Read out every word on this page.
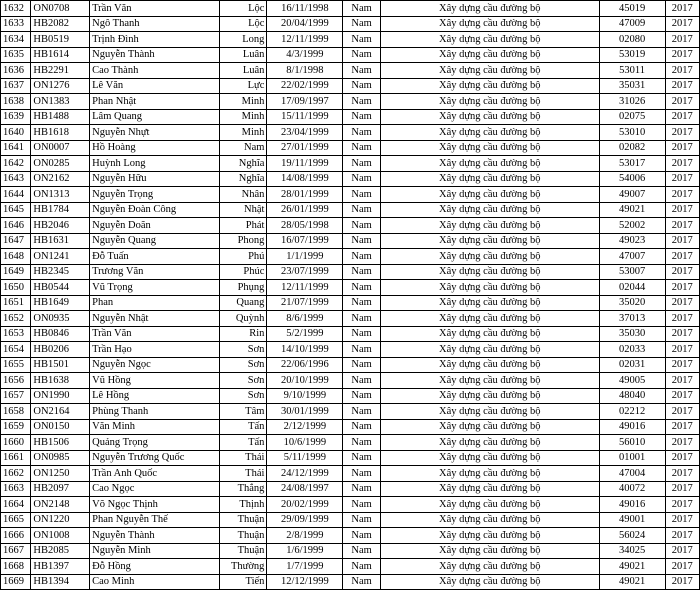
1632	ON0708	Trần Văn	Lộc	16/11/1998	Nam	Xây dựng cầu đường bộ	45019	2017
1633	HB2082	Ngô Thanh	Lộc	20/04/1999	Nam	Xây dựng cầu đường bộ	47009	2017
1634	HB0519	Trịnh Đình	Long	12/11/1999	Nam	Xây dựng cầu đường bộ	02080	2017
1635	HB1614	Nguyễn Thành	Luân	4/3/1999	Nam	Xây dựng cầu đường bộ	53019	2017
1636	HB2291	Cao Thành	Luân	8/1/1998	Nam	Xây dựng cầu đường bộ	53011	2017
1637	ON1276	Lê Văn	Lực	22/02/1999	Nam	Xây dựng cầu đường bộ	35031	2017
1638	ON1383	Phan Nhật	Minh	17/09/1997	Nam	Xây dựng cầu đường bộ	31026	2017
1639	HB1488	Lâm Quang	Minh	15/11/1999	Nam	Xây dựng cầu đường bộ	02075	2017
1640	HB1618	Nguyễn Nhựt	Minh	23/04/1999	Nam	Xây dựng cầu đường bộ	53010	2017
1641	ON0007	Hồ Hoàng	Nam	27/01/1999	Nam	Xây dựng cầu đường bộ	02082	2017
1642	ON0285	Huỳnh Long	Nghĩa	19/11/1999	Nam	Xây dựng cầu đường bộ	53017	2017
1643	ON2162	Nguyễn Hữu	Nghĩa	14/08/1999	Nam	Xây dựng cầu đường bộ	54006	2017
1644	ON1313	Nguyễn Trọng	Nhân	28/01/1999	Nam	Xây dựng cầu đường bộ	49007	2017
1645	HB1784	Nguyễn Đoàn Công	Nhật	26/01/1999	Nam	Xây dựng cầu đường bộ	49021	2017
1646	HB2046	Nguyễn Doãn	Phát	28/05/1998	Nam	Xây dựng cầu đường bộ	52002	2017
1647	HB1631	Nguyễn Quang	Phong	16/07/1999	Nam	Xây dựng cầu đường bộ	49023	2017
1648	ON1241	Đỗ Tuấn	Phú	1/1/1999	Nam	Xây dựng cầu đường bộ	47007	2017
1649	HB2345	Trương Văn	Phúc	23/07/1999	Nam	Xây dựng cầu đường bộ	53007	2017
1650	HB0544	Vũ Trọng	Phụng	12/11/1999	Nam	Xây dựng cầu đường bộ	02044	2017
1651	HB1649	Phan	Quang	21/07/1999	Nam	Xây dựng cầu đường bộ	35020	2017
1652	ON0935	Nguyễn Nhật	Quỳnh	8/6/1999	Nam	Xây dựng cầu đường bộ	37013	2017
1653	HB0846	Trần Văn	Rin	5/2/1999	Nam	Xây dựng cầu đường bộ	35030	2017
1654	HB0206	Trần Hạo	Sơn	14/10/1999	Nam	Xây dựng cầu đường bộ	02033	2017
1655	HB1501	Nguyễn Ngọc	Sơn	22/06/1996	Nam	Xây dựng cầu đường bộ	02031	2017
1656	HB1638	Vũ Hồng	Sơn	20/10/1999	Nam	Xây dựng cầu đường bộ	49005	2017
1657	ON1990	Lê Hồng	Sơn	9/10/1999	Nam	Xây dựng cầu đường bộ	48040	2017
1658	ON2164	Phùng Thanh	Tâm	30/01/1999	Nam	Xây dựng cầu đường bộ	02212	2017
1659	ON0150	Văn Minh	Tấn	2/12/1999	Nam	Xây dựng cầu đường bộ	49016	2017
1660	HB1506	Quảng Trọng	Tấn	10/6/1999	Nam	Xây dựng cầu đường bộ	56010	2017
1661	ON0985	Nguyễn Trương Quốc	Thái	5/11/1999	Nam	Xây dựng cầu đường bộ	01001	2017
1662	ON1250	Trần Anh Quốc	Thái	24/12/1999	Nam	Xây dựng cầu đường bộ	47004	2017
1663	HB2097	Cao Ngọc	Thắng	24/08/1997	Nam	Xây dựng cầu đường bộ	40072	2017
1664	ON2148	Võ Ngọc Thịnh	Thịnh	20/02/1999	Nam	Xây dựng cầu đường bộ	49016	2017
1665	ON1220	Phan Nguyễn Thế	Thuận	29/09/1999	Nam	Xây dựng cầu đường bộ	49001	2017
1666	ON1008	Nguyễn Thành	Thuận	2/8/1999	Nam	Xây dựng cầu đường bộ	56024	2017
1667	HB2085	Nguyễn Minh	Thuận	1/6/1999	Nam	Xây dựng cầu đường bộ	34025	2017
1668	HB1397	Đỗ Hồng	Thường	1/7/1999	Nam	Xây dựng cầu đường bộ	49021	2017
1669	HB1394	Cao Minh	Tiến	12/12/1999	Nam	Xây dựng cầu đường bộ	49021	2017
